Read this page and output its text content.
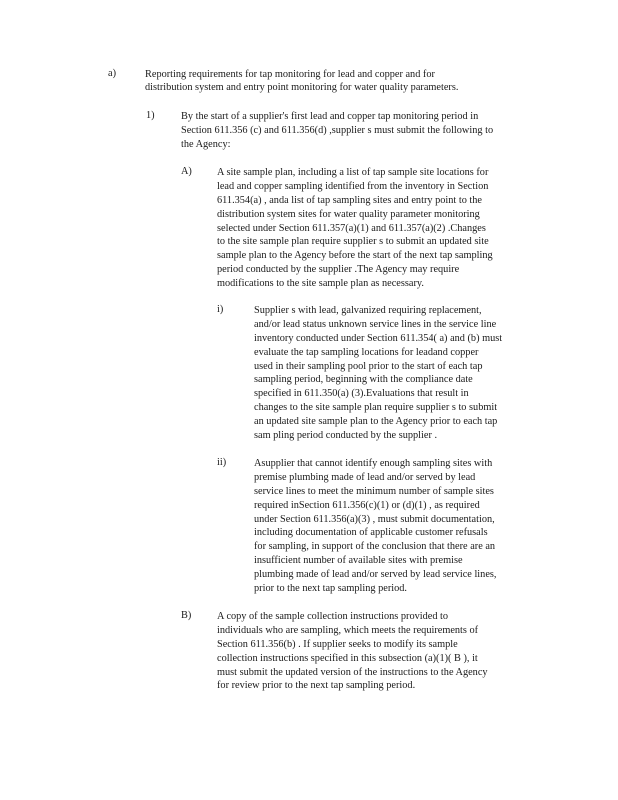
a)	Reporting requirements for tap monitoring for lead and copper and for
distribution system and entry point monitoring for water quality parameters.
1)	By the start of a supplier's first lead and copper tap monitoring period in
Section 611.356 (c) and 611.356(d) ,supplier s must submit the following to
the Agency:
A) A site sample plan, including a list of tap sample site locations for
lead and copper sampling identified from the inventory in Section
611.354(a) , anda list of tap sampling sites and entry point to the
distribution system sites for water quality parameter monitoring
selected under Section 611.357(a)(1) and 611.357(a)(2) .Changes
to the site sample plan require supplier s to submit an updated site
sample plan to the Agency before the start of the next tap sampling
period conducted by the supplier .The Agency may require
modifications to the site sample plan as necessary.
i)	Supplier s with lead, galvanized requiring replacement,
and/or lead status unknown service lines in the service line
inventory conducted under Section 611.354( a) and (b) must
evaluate the tap sampling locations for leadand copper
used in their sampling pool prior to the start of each tap
sampling period, beginning with the compliance date
specified in 611.350(a) (3).Evaluations that result in
changes to the site sample plan require supplier s to submit
an updated site sample plan to the Agency prior to each tap
sam pling period conducted by the supplier .
ii)	Asupplier that cannot identify enough sampling sites with
premise plumbing made of lead and/or served by lead
service lines to meet the minimum number of sample sites
required inSection 611.356(c)(1) or (d)(1) , as required
under Section 611.356(a)(3) , must submit documentation,
including documentation of applicable customer refusals
for sampling, in support of the conclusion that there are an
insufficient number of available sites with premise
plumbing made of lead and/or served by lead service lines,
prior to the next tap sampling period.
B) A copy of the sample collection instructions provided to
individuals who are sampling, which meets the requirements of
Section 611.356(b) . If supplier seeks to modify its sample
collection instructions specified in this subsection (a)(1)( B ), it
must submit the updated version of the instructions to the Agency
for review prior to the next tap sampling period.
